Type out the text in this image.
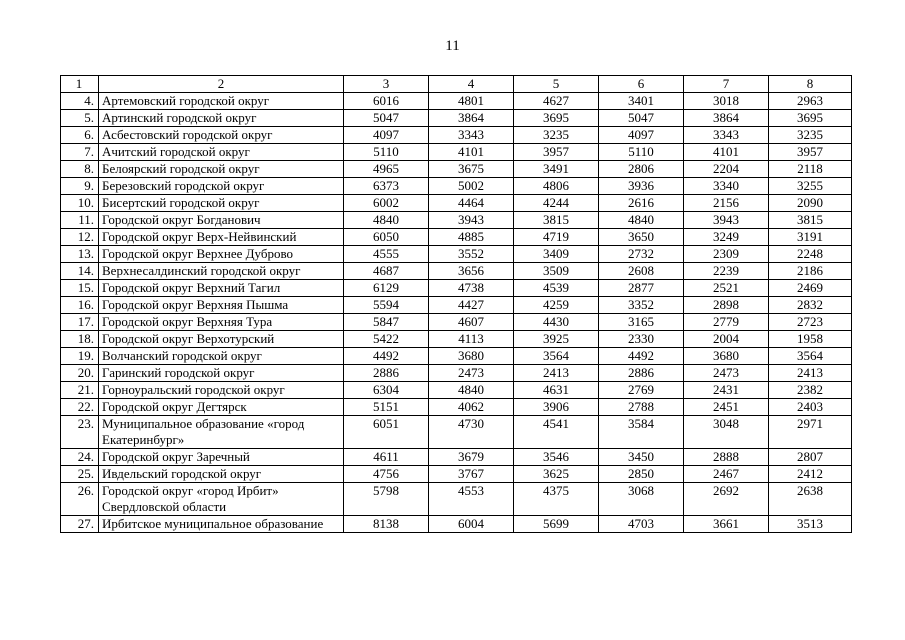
11
1	2	3	4	5	6	7	8
4.	Артемовский городской округ	6016	4801	4627	3401	3018	2963
5.	Артинский городской округ	5047	3864	3695	5047	3864	3695
6.	Асбестовский городской округ	4097	3343	3235	4097	3343	3235
7.	Ачитский городской округ	5110	4101	3957	5110	4101	3957
8.	Белоярский городской округ	4965	3675	3491	2806	2204	2118
9.	Березовский городской округ	6373	5002	4806	3936	3340	3255
10.	Бисертский городской округ	6002	4464	4244	2616	2156	2090
11.	Городской округ Богданович	4840	3943	3815	4840	3943	3815
12.	Городской округ Верх-Нейвинский	6050	4885	4719	3650	3249	3191
13.	Городской округ Верхнее Дуброво	4555	3552	3409	2732	2309	2248
14.	Верхнесалдинский городской округ	4687	3656	3509	2608	2239	2186
15.	Городской округ Верхний Тагил	6129	4738	4539	2877	2521	2469
16.	Городской округ Верхняя Пышма	5594	4427	4259	3352	2898	2832
17.	Городской округ Верхняя Тура	5847	4607	4430	3165	2779	2723
18.	Городской округ Верхотурский	5422	4113	3925	2330	2004	1958
19.	Волчанский городской округ	4492	3680	3564	4492	3680	3564
20.	Гаринский городской округ	2886	2473	2413	2886	2473	2413
21.	Горноуральский городской округ	6304	4840	4631	2769	2431	2382
22.	Городской округ Дегтярск	5151	4062	3906	2788	2451	2403
23.	Муниципальное образование «город Екатеринбург»	6051	4730	4541	3584	3048	2971
24.	Городской округ Заречный	4611	3679	3546	3450	2888	2807
25.	Ивдельский городской округ	4756	3767	3625	2850	2467	2412
26.	Городской округ «город Ирбит» Свердловской области	5798	4553	4375	3068	2692	2638
27.	Ирбитское муниципальное образование	8138	6004	5699	4703	3661	3513
